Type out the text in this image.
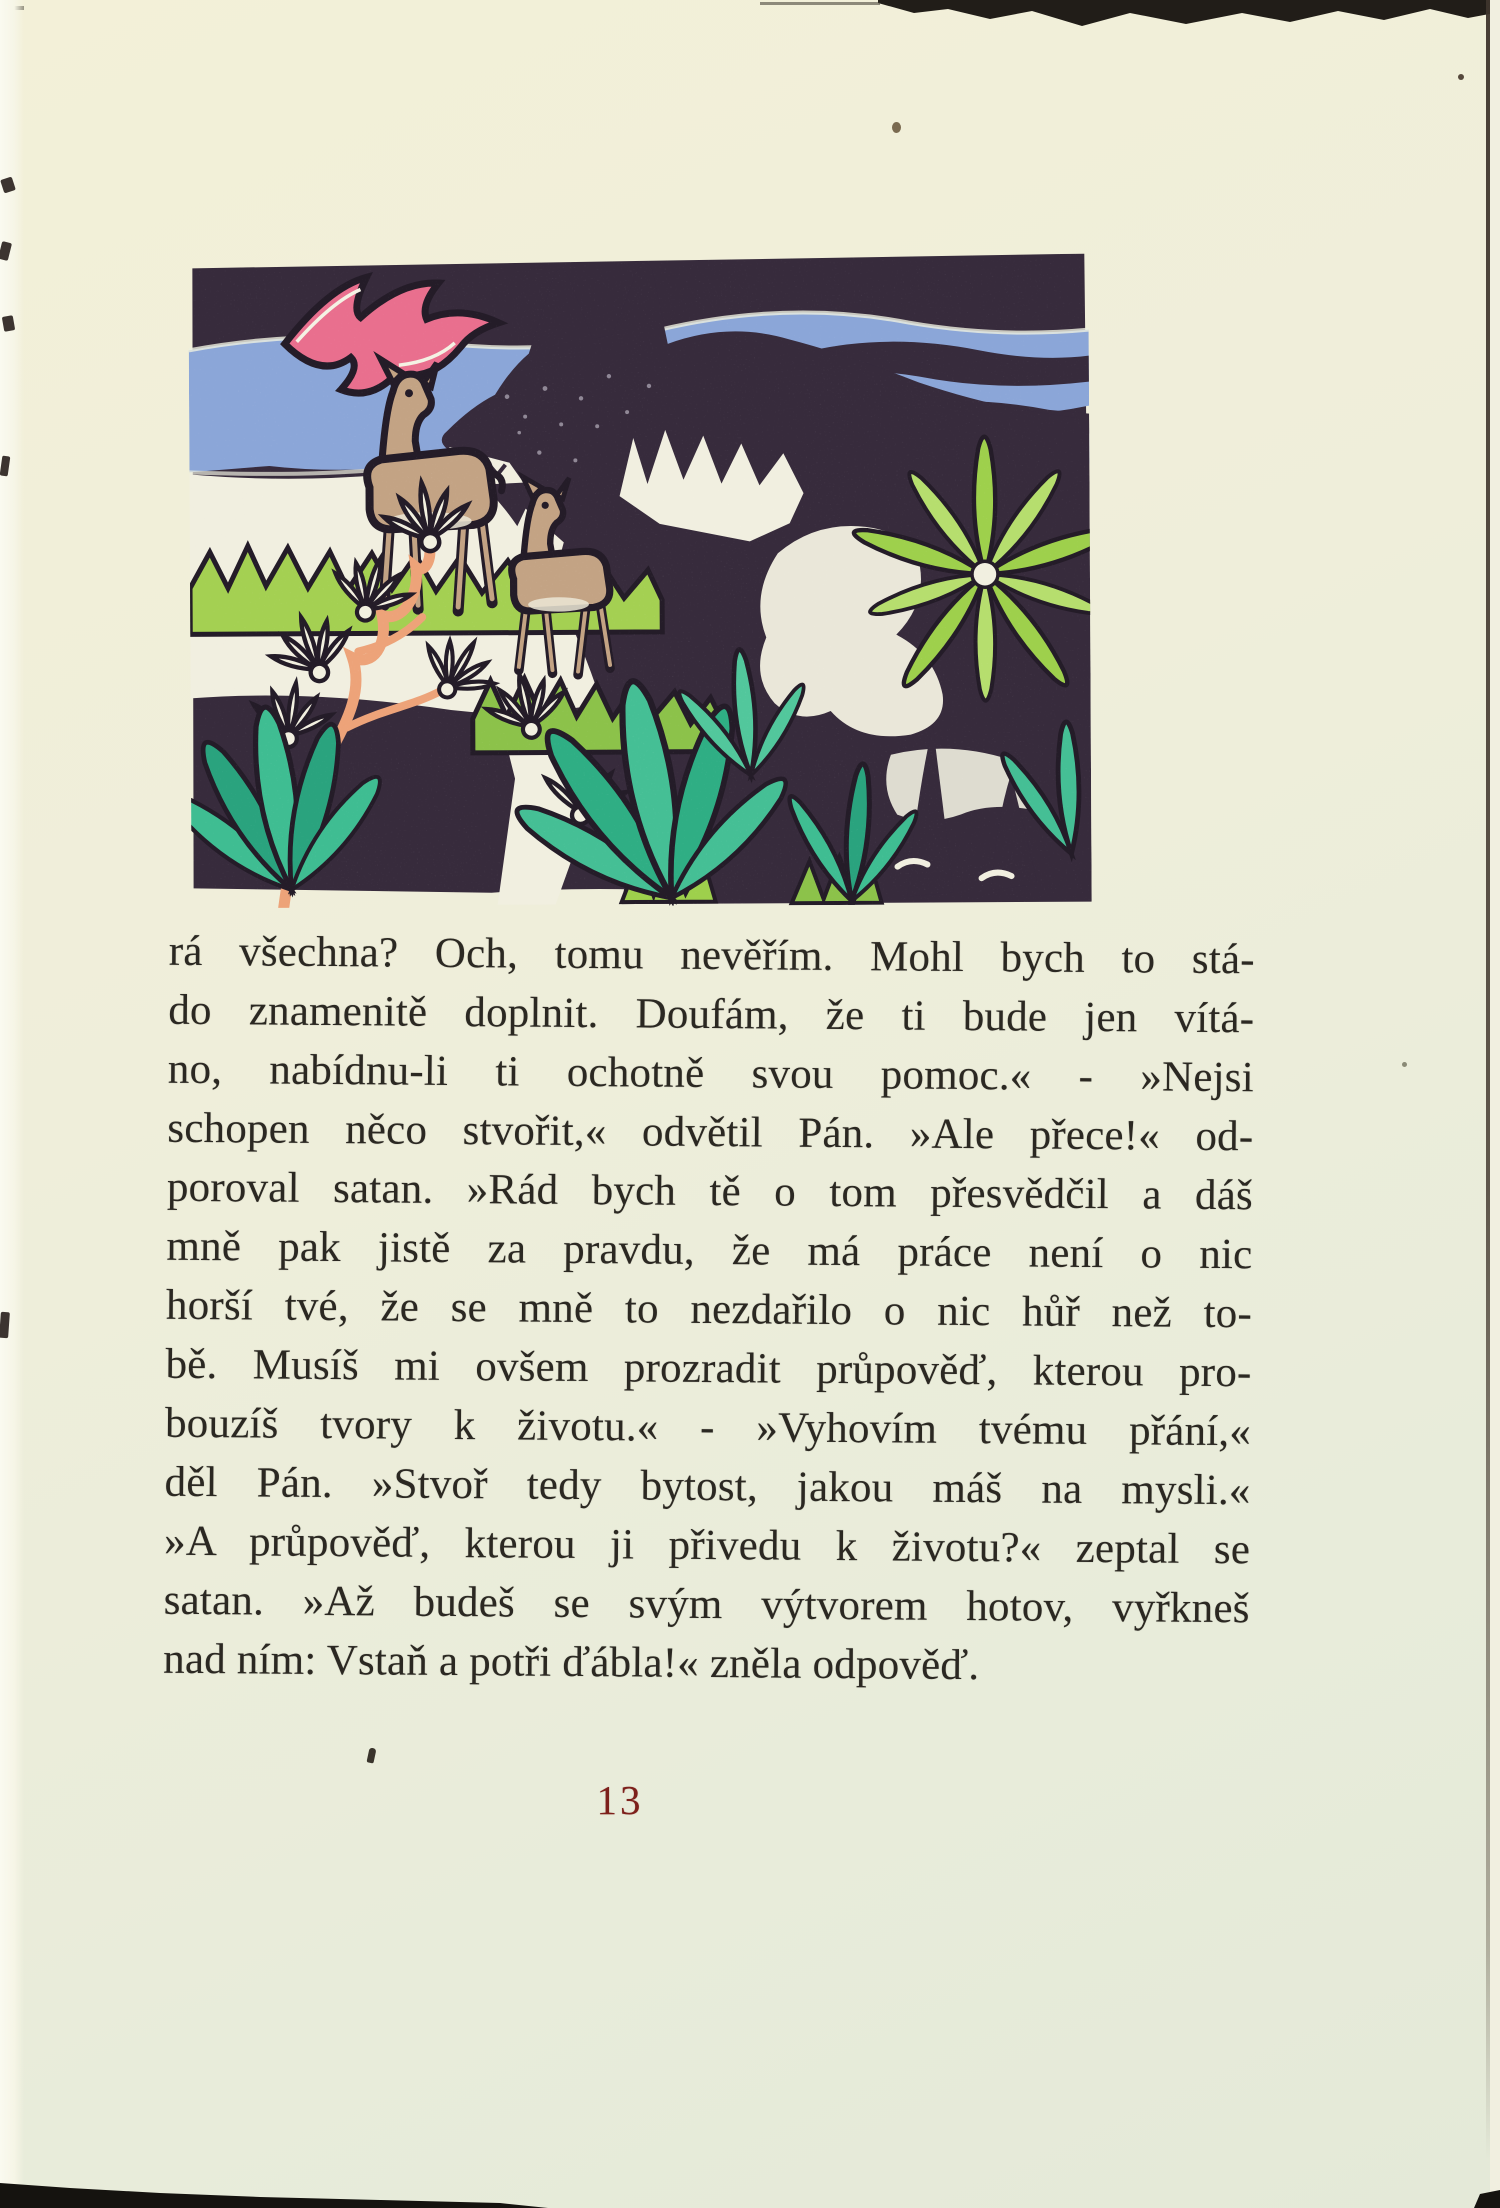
rá všechna? Och, tomu nevěřím. Mohl bych to stá-
do znamenitě doplnit. Doufám, že ti bude jen vítá-
no, nabídnu-li ti ochotně svou pomoc.« - »Nejsi
schopen něco stvořit,« odvětil Pán. »Ale přece!« od-
poroval satan. »Rád bych tě o tom přesvědčil a dáš
mně pak jistě za pravdu, že má práce není o nic
horší tvé, že se mně to nezdařilo o nic hůř než to-
bě. Musíš mi ovšem prozradit průpověď, kterou pro-
bouzíš tvory k životu.« - »Vyhovím tvému přání,«
děl Pán. »Stvoř tedy bytost, jakou máš na mysli.«
»A průpověď, kterou ji přivedu k životu?« zeptal se
satan. »Až budeš se svým výtvorem hotov, vyřkneš
nad ním: Vstaň a potři ďábla!« zněla odpověď.
13
